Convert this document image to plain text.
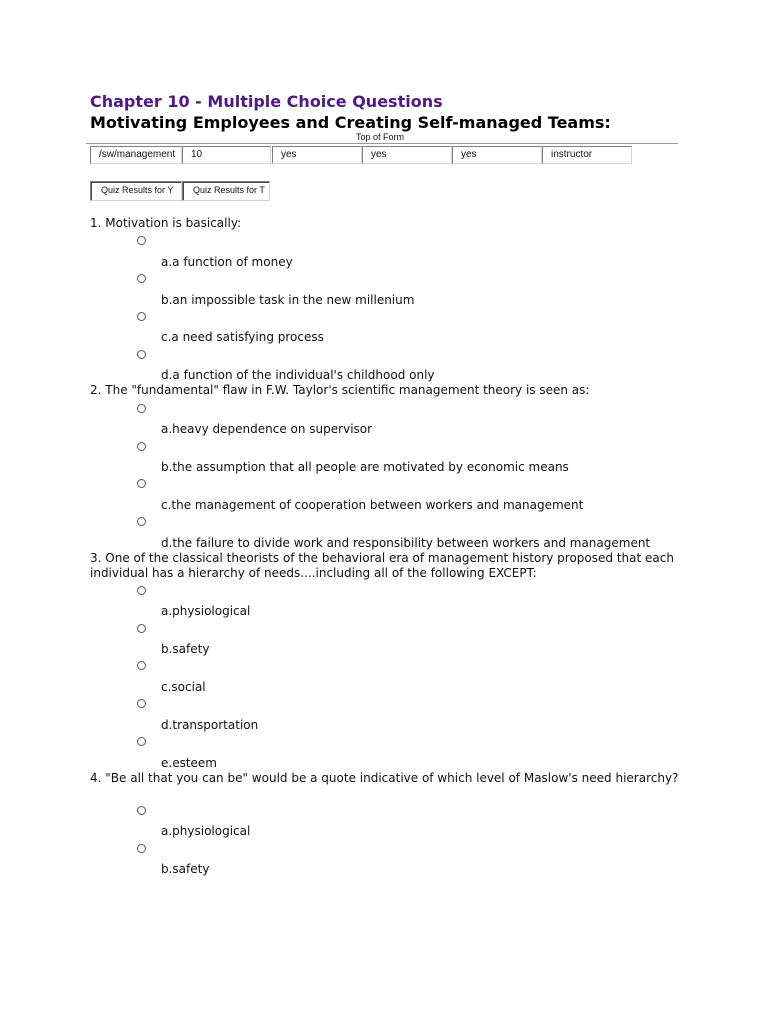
Chapter 10 - Multiple Choice Questions
Motivating Employees and Creating Self-managed Teams:
Top of Form
/sw/management	10	yes	yes	yes	instructor
Quiz Results for Y	Quiz Results for T
1. Motivation is basically:
a.a function of money
b.an impossible task in the new millenium
c.a need satisfying process
d.a function of the individual's childhood only
2. The "fundamental" flaw in F.W. Taylor's scientific management theory is seen as:
a.heavy dependence on supervisor
b.the assumption that all people are motivated by economic means
c.the management of cooperation between workers and management
d.the failure to divide work and responsibility between workers and management
3. One of the classical theorists of the behavioral era of management history proposed that each individual has a hierarchy of needs....including all of the following EXCEPT:
a.physiological
b.safety
c.social
d.transportation
e.esteem
4. "Be all that you can be" would be a quote indicative of which level of Maslow's need hierarchy?
a.physiological
b.safety
